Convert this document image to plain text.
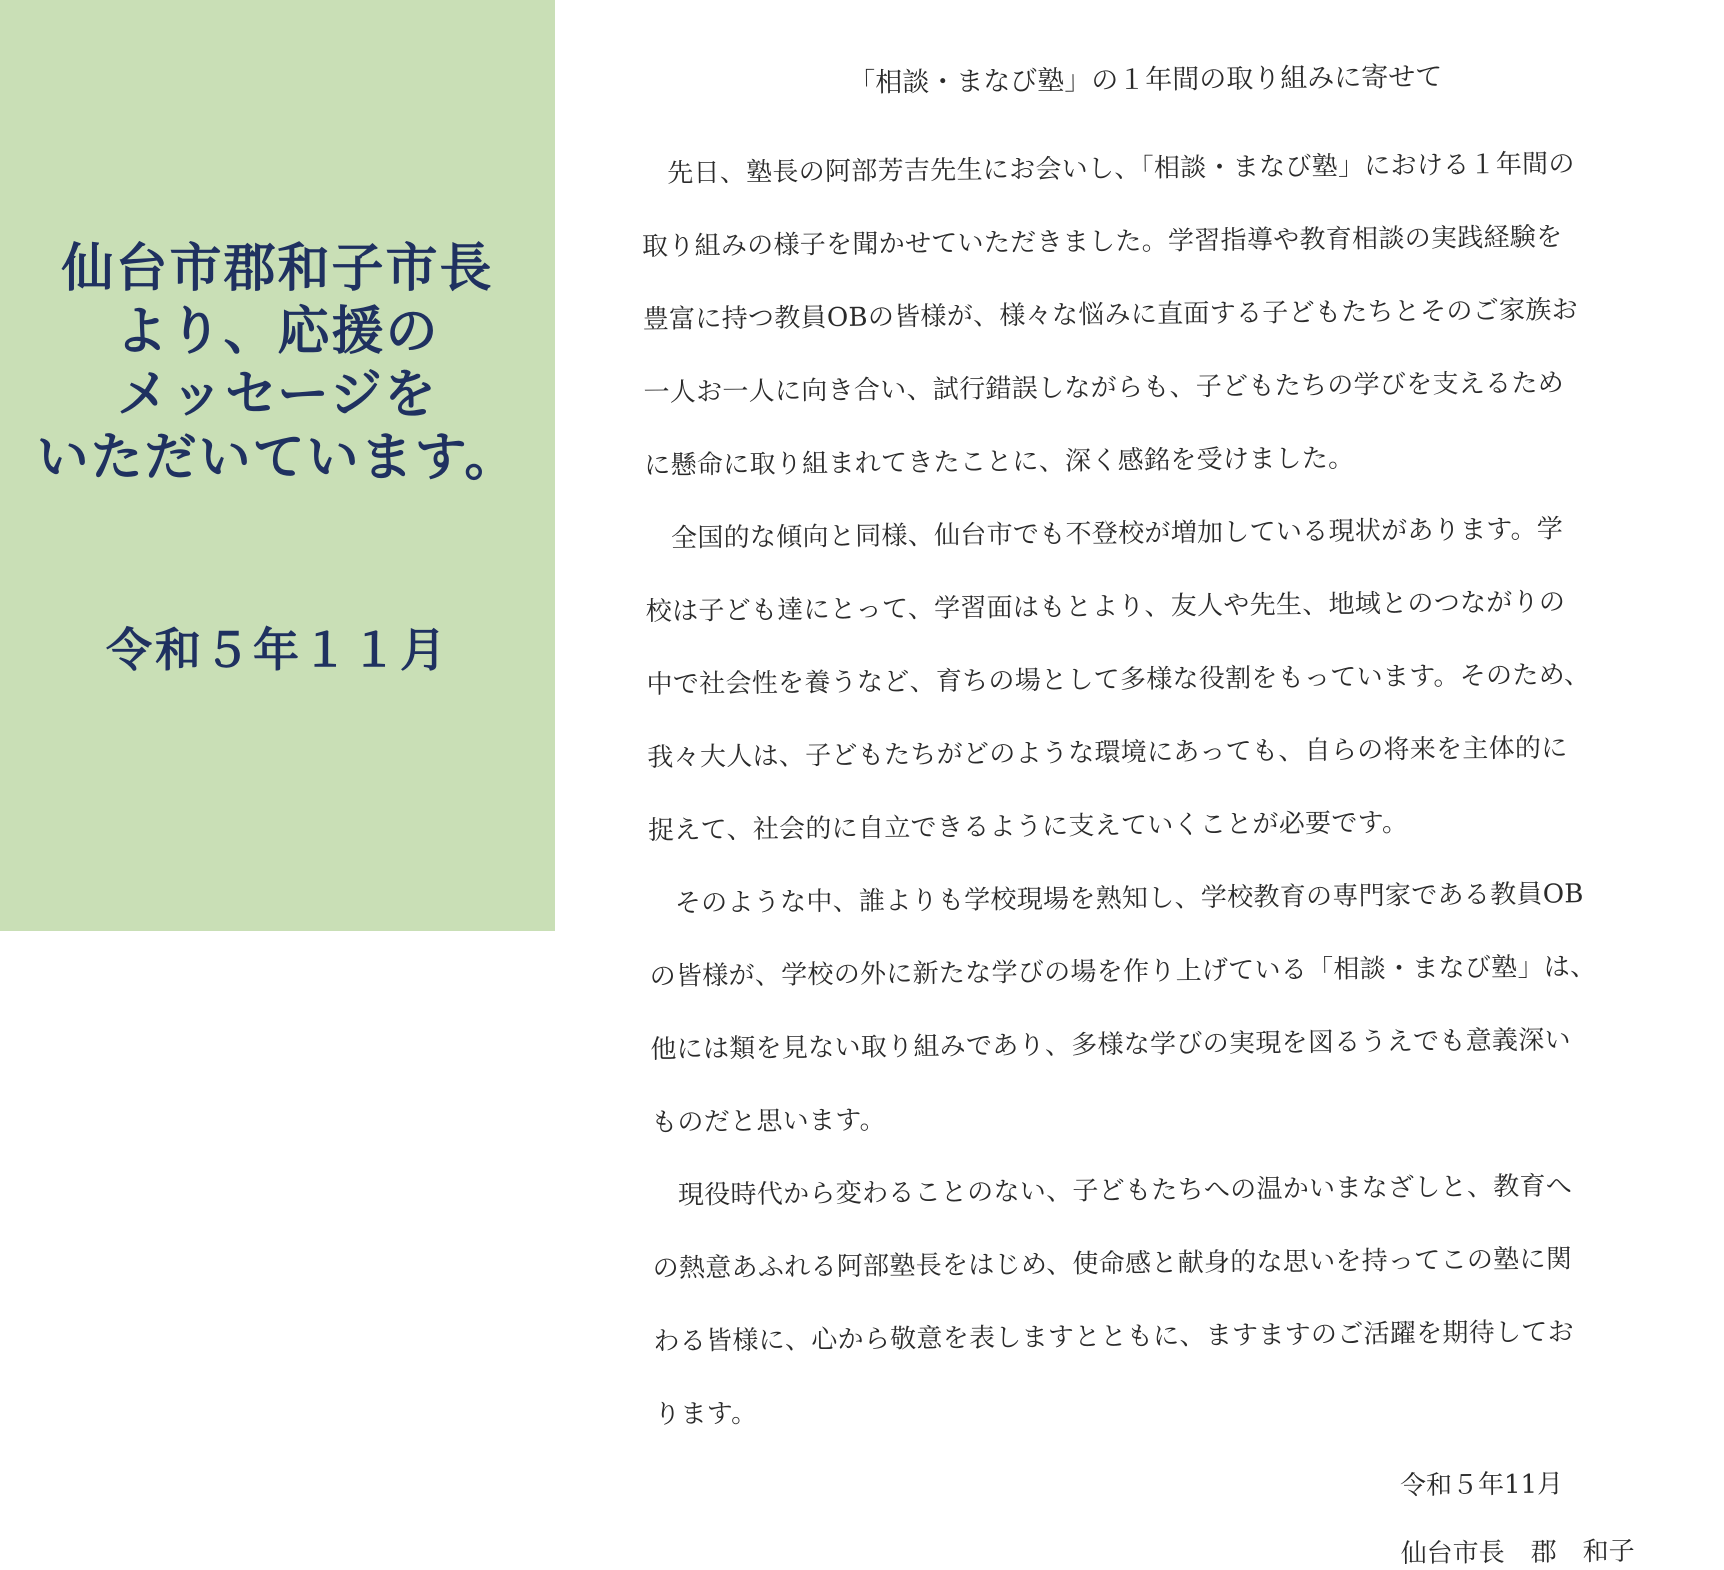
仙台市郡和子市長
より、応援の
メッセージを
いただいています。

令和５年１１月

「相談・まなび塾」の１年間の取り組みに寄せて
先日、塾長の阿部芳吉先生にお会いし、「相談・まなび塾」における１年間の
取り組みの様子を聞かせていただきました。学習指導や教育相談の実践経験を
豊富に持つ教員OBの皆様が、様々な悩みに直面する子どもたちとそのご家族お
一人お一人に向き合い、試行錯誤しながらも、子どもたちの学びを支えるため
に懸命に取り組まれてきたことに、深く感銘を受けました。
全国的な傾向と同様、仙台市でも不登校が増加している現状があります。学
校は子ども達にとって、学習面はもとより、友人や先生、地域とのつながりの
中で社会性を養うなど、育ちの場として多様な役割をもっています。そのため、
我々大人は、子どもたちがどのような環境にあっても、自らの将来を主体的に
捉えて、社会的に自立できるように支えていくことが必要です。
そのような中、誰よりも学校現場を熟知し、学校教育の専門家である教員OB
の皆様が、学校の外に新たな学びの場を作り上げている「相談・まなび塾」は、
他には類を見ない取り組みであり、多様な学びの実現を図るうえでも意義深い
ものだと思います。
現役時代から変わることのない、子どもたちへの温かいまなざしと、教育へ
の熱意あふれる阿部塾長をはじめ、使命感と献身的な思いを持ってこの塾に関
わる皆様に、心から敬意を表しますとともに、ますますのご活躍を期待してお
ります。
令和５年11月
仙台市長　郡　和子
